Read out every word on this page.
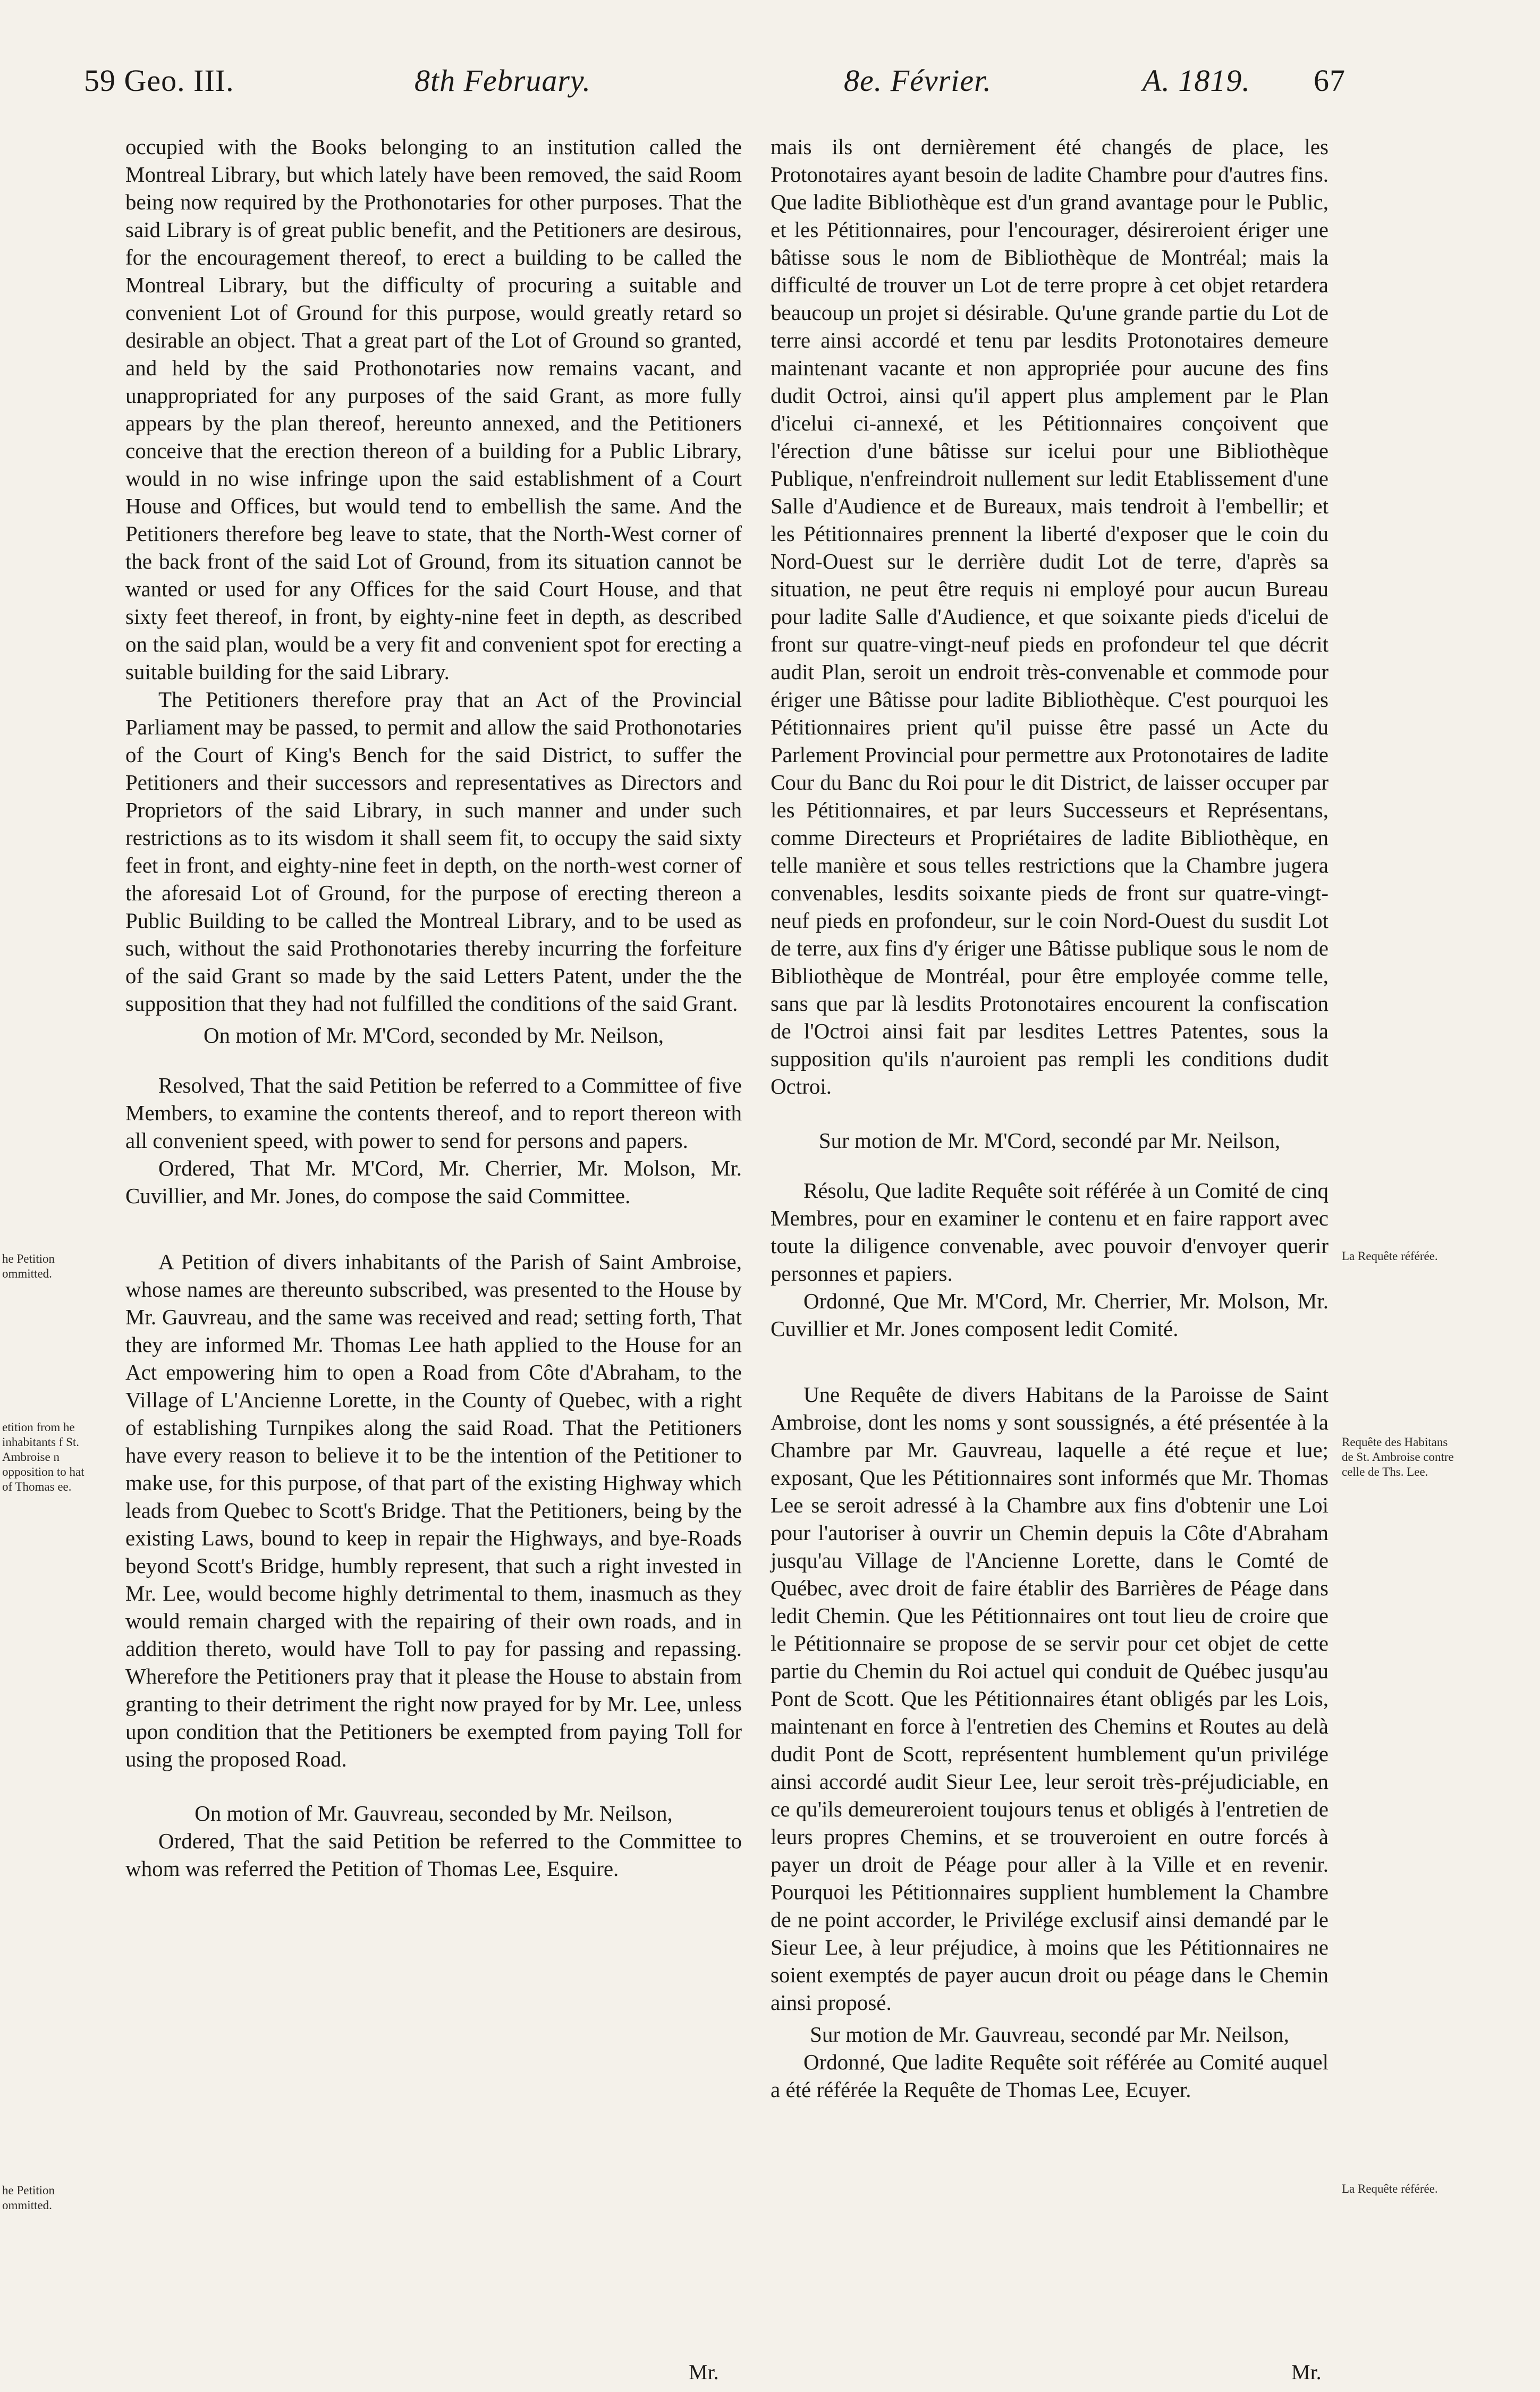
59 Geo. III.	8th February.	8e. Février.	A. 1819. 67

occupied with the Books belonging to an institution called the Montreal Library, but which lately have been removed, the said Room being now required by the Prothonotaries for other purposes. That the said Library is of great public benefit, and the Petitioners are desirous, for the encouragement thereof, to erect a building to be called the Montreal Library, but the difficulty of procuring a suitable and convenient Lot of Ground for this purpose, would greatly retard so desirable an object. That a great part of the Lot of Ground so granted, and held by the said Prothonotaries now remains vacant, and unappropriated for any purposes of the said Grant, as more fully appears by the plan thereof, hereunto annexed, and the Petitioners conceive that the erection thereon of a building for a Public Library, would in no wise infringe upon the said establishment of a Court House and Offices, but would tend to embellish the same. And the Petitioners therefore beg leave to state, that the North-West corner of the back front of the said Lot of Ground, from its situation cannot be wanted or used for any Offices for the said Court House, and that sixty feet thereof, in front, by eighty-nine feet in depth, as described on the said plan, would be a very fit and convenient spot for erecting a suitable building for the said Library.

The Petitioners therefore pray that an Act of the Provincial Parliament may be passed, to permit and allow the said Prothonotaries of the Court of King's Bench for the said District, to suffer the Petitioners and their successors and representatives as Directors and Proprietors of the said Library, in such manner and under such restrictions as to its wisdom it shall seem fit, to occupy the said sixty feet in front, and eighty-nine feet in depth, on the north-west corner of the aforesaid Lot of Ground, for the purpose of erecting thereon a Public Building to be called the Montreal Library, and to be used as such, without the said Prothonotaries thereby incurring the forfeiture of the said Grant so made by the said Letters Patent, under the the supposition that they had not fulfilled the conditions of the said Grant.

On motion of Mr. M'Cord, seconded by Mr. Neilson,

Resolved, That the said Petition be referred to a Committee of five Members, to examine the contents thereof, and to report thereon with all convenient speed, with power to send for persons and papers.

Ordered, That Mr. M'Cord, Mr. Cherrier, Mr. Molson, Mr. Cuvillier, and Mr. Jones, do compose the said Committee.

A Petition of divers inhabitants of the Parish of Saint Ambroise, whose names are thereunto subscribed, was presented to the House by Mr. Gauvreau, and the same was received and read; setting forth, That they are informed Mr. Thomas Lee hath applied to the House for an Act empowering him to open a Road from Côte d'Abraham, to the Village of L'Ancienne Lorette, in the County of Quebec, with a right of establishing Turnpikes along the said Road. That the Petitioners have every reason to believe it to be the intention of the Petitioner to make use, for this purpose, of that part of the existing Highway which leads from Quebec to Scott's Bridge. That the Petitioners, being by the existing Laws, bound to keep in repair the Highways, and bye-Roads beyond Scott's Bridge, humbly represent, that such a right invested in Mr. Lee, would become highly detrimental to them, inasmuch as they would remain charged with the repairing of their own roads, and in addition thereto, would have Toll to pay for passing and repassing. Wherefore the Petitioners pray that it please the House to abstain from granting to their detriment the right now prayed for by Mr. Lee, unless upon condition that the Petitioners be exempted from paying Toll for using the proposed Road.

On motion of Mr. Gauvreau, seconded by Mr. Neilson,

Ordered, That the said Petition be referred to the Committee to whom was referred the Petition of Thomas Lee, Esquire.

mais ils ont dernièrement été changés de place, les Protonotaires ayant besoin de ladite Chambre pour d'autres fins. Que ladite Bibliothèque est d'un grand avantage pour le Public, et les Pétitionnaires, pour l'encourager, désireroient ériger une bâtisse sous le nom de Bibliothèque de Montréal; mais la difficulté de trouver un Lot de terre propre à cet objet retardera beaucoup un projet si désirable. Qu'une grande partie du Lot de terre ainsi accordé et tenu par lesdits Protonotaires demeure maintenant vacante et non appropriée pour aucune des fins dudit Octroi, ainsi qu'il appert plus amplement par le Plan d'icelui ci-annexé, et les Pétitionnaires conçoivent que l'érection d'une bâtisse sur icelui pour une Bibliothèque Publique, n'enfreindroit nullement sur ledit Etablissement d'une Salle d'Audience et de Bureaux, mais tendroit à l'embellir; et les Pétitionnaires prennent la liberté d'exposer que le coin du Nord-Ouest sur le derrière dudit Lot de terre, d'après sa situation, ne peut être requis ni employé pour aucun Bureau pour ladite Salle d'Audience, et que soixante pieds d'icelui de front sur quatre-vingt-neuf pieds en profondeur tel que décrit audit Plan, seroit un endroit très-convenable et commode pour ériger une Bâtisse pour ladite Bibliothèque. C'est pourquoi les Pétitionnaires prient qu'il puisse être passé un Acte du Parlement Provincial pour permettre aux Protonotaires de ladite Cour du Banc du Roi pour le dit District, de laisser occuper par les Pétitionnaires, et par leurs Successeurs et Représentans, comme Directeurs et Propriétaires de ladite Bibliothèque, en telle manière et sous telles restrictions que la Chambre jugera convenables, lesdits soixante pieds de front sur quatre-vingt-neuf pieds en profondeur, sur le coin Nord-Ouest du susdit Lot de terre, aux fins d'y ériger une Bâtisse publique sous le nom de Bibliothèque de Montréal, pour être employée comme telle, sans que par là lesdits Protonotaires encourent la confiscation de l'Octroi ainsi fait par lesdites Lettres Patentes, sous la supposition qu'ils n'auroient pas rempli les conditions dudit Octroi.

Sur motion de Mr. M'Cord, secondé par Mr. Neilson,

Résolu, Que ladite Requête soit référée à un Comité de cinq Membres, pour en examiner le contenu et en faire rapport avec toute la diligence convenable, avec pouvoir d'envoyer querir personnes et papiers.

Ordonné, Que Mr. M'Cord, Mr. Cherrier, Mr. Molson, Mr. Cuvillier et Mr. Jones composent ledit Comité.

Une Requête de divers Habitans de la Paroisse de Saint Ambroise, dont les noms y sont soussignés, a été présentée à la Chambre par Mr. Gauvreau, laquelle a été reçue et lue; exposant, Que les Pétitionnaires sont informés que Mr. Thomas Lee se seroit adressé à la Chambre aux fins d'obtenir une Loi pour l'autoriser à ouvrir un Chemin depuis la Côte d'Abraham jusqu'au Village de l'Ancienne Lorette, dans le Comté de Québec, avec droit de faire établir des Barrières de Péage dans ledit Chemin. Que les Pétitionnaires ont tout lieu de croire que le Pétitionnaire se propose de se servir pour cet objet de cette partie du Chemin du Roi actuel qui conduit de Québec jusqu'au Pont de Scott. Que les Pétitionnaires étant obligés par les Lois, maintenant en force à l'entretien des Chemins et Routes au delà dudit Pont de Scott, représentent humblement qu'un privilége ainsi accordé audit Sieur Lee, leur seroit très-préjudiciable, en ce qu'ils demeureroient toujours tenus et obligés à l'entretien de leurs propres Chemins, et se trouveroient en outre forcés à payer un droit de Péage pour aller à la Ville et en revenir. Pourquoi les Pétitionnaires supplient humblement la Chambre de ne point accorder, le Privilége exclusif ainsi demandé par le Sieur Lee, à leur préjudice, à moins que les Pétitionnaires ne soient exemptés de payer aucun droit ou péage dans le Chemin ainsi proposé.

Sur motion de Mr. Gauvreau, secondé par Mr. Neilson,

Ordonné, Que ladite Requête soit référée au Comité auquel a été référée la Requête de Thomas Lee, Ecuyer.

he Petition ommitted.
etition from he inhabitants f St. Ambroise n opposition to hat of Thomas ee.
he Petition ommitted.
La Requête référée.
Requête des Habitans de St. Ambroise contre celle de Ths. Lee.
La Requête référée.
Mr.	Mr.
